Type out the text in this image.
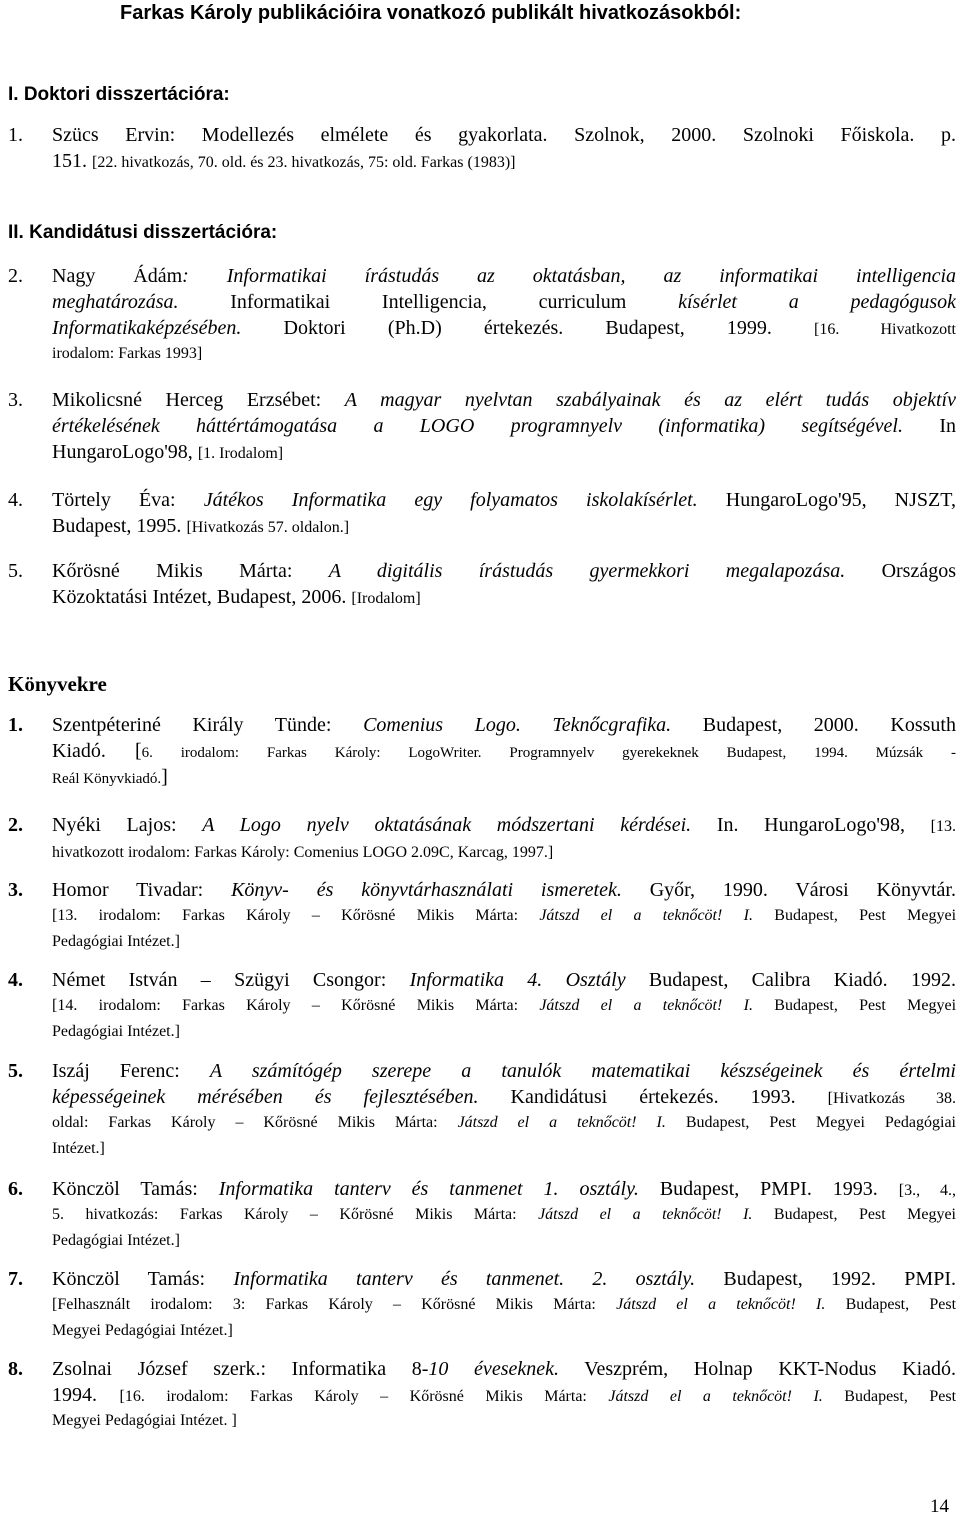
Farkas Károly publikációira vonatkozó publikált hivatkozásokból:
I. Doktori disszertációra:
1. Szücs Ervin: Modellezés elmélete és gyakorlata. Szolnok, 2000. Szolnoki Főiskola. p.
151. [22. hivatkozás, 70. old. és 23. hivatkozás, 75: old. Farkas (1983)]
II. Kandidátusi disszertációra:
2. Nagy Ádám: Informatikai írástudás az oktatásban, az informatikai intelligencia
meghatározása. Informatikai Intelligencia, curriculum kísérlet a pedagógusok
Informatikaképzésében. Doktori (Ph.D) értekezés. Budapest, 1999. [16. Hivatkozott
irodalom: Farkas 1993]
3. Mikolicsné Herceg Erzsébet: A magyar nyelvtan szabályainak és az elért tudás objektív
értékelésének háttértámogatása a LOGO programnyelv (informatika) segítségével. In
HungaroLogo'98, [1. Irodalom]
4. Törtely Éva: Játékos Informatika egy folyamatos iskolakísérlet. HungaroLogo'95, NJSZT,
Budapest, 1995. [Hivatkozás 57. oldalon.]
5. Kőrösné Mikis Márta: A digitális írástudás gyermekkori megalapozása. Országos
Közoktatási Intézet, Budapest, 2006. [Irodalom]
Könyvekre
1. Szentpéteriné Király Tünde: Comenius Logo. Teknőcgrafika. Budapest, 2000. Kossuth
Kiadó. [6. irodalom: Farkas Károly: LogoWriter. Programnyelv gyerekeknek Budapest, 1994. Múzsák -
Reál Könyvkiadó.]
2. Nyéki Lajos: A Logo nyelv oktatásának módszertani kérdései. In. HungaroLogo'98, [13.
hivatkozott irodalom: Farkas Károly: Comenius LOGO 2.09C, Karcag, 1997.]
3. Homor Tivadar: Könyv- és könyvtárhasználati ismeretek. Győr, 1990. Városi Könyvtár.
[13. irodalom: Farkas Károly – Kőrösné Mikis Márta: Játszd el a teknőcöt! I. Budapest, Pest Megyei
Pedagógiai Intézet.]
4. Német István – Szügyi Csongor: Informatika 4. Osztály Budapest, Calibra Kiadó. 1992.
[14. irodalom: Farkas Károly – Kőrösné Mikis Márta: Játszd el a teknőcöt! I. Budapest, Pest Megyei
Pedagógiai Intézet.]
5. Iszáj Ferenc: A számítógép szerepe a tanulók matematikai készségeinek és értelmi
képességeinek mérésében és fejlesztésében. Kandidátusi értekezés. 1993. [Hivatkozás 38.
oldal: Farkas Károly – Kőrösné Mikis Márta: Játszd el a teknőcöt! I. Budapest, Pest Megyei Pedagógiai
Intézet.]
6. Könczöl Tamás: Informatika tanterv és tanmenet 1. osztály. Budapest, PMPI. 1993. [3., 4.,
5. hivatkozás: Farkas Károly – Kőrösné Mikis Márta: Játszd el a teknőcöt! I. Budapest, Pest Megyei
Pedagógiai Intézet.]
7. Könczöl Tamás: Informatika tanterv és tanmenet. 2. osztály. Budapest, 1992. PMPI.
[Felhasznált irodalom: 3: Farkas Károly – Kőrösné Mikis Márta: Játszd el a teknőcöt! I. Budapest, Pest
Megyei Pedagógiai Intézet.]
8. Zsolnai József szerk.: Informatika 8-10 éveseknek. Veszprém, Holnap KKT-Nodus Kiadó.
1994. [16. irodalom: Farkas Károly – Kőrösné Mikis Márta: Játszd el a teknőcöt! I. Budapest, Pest
Megyei Pedagógiai Intézet. ]
14
